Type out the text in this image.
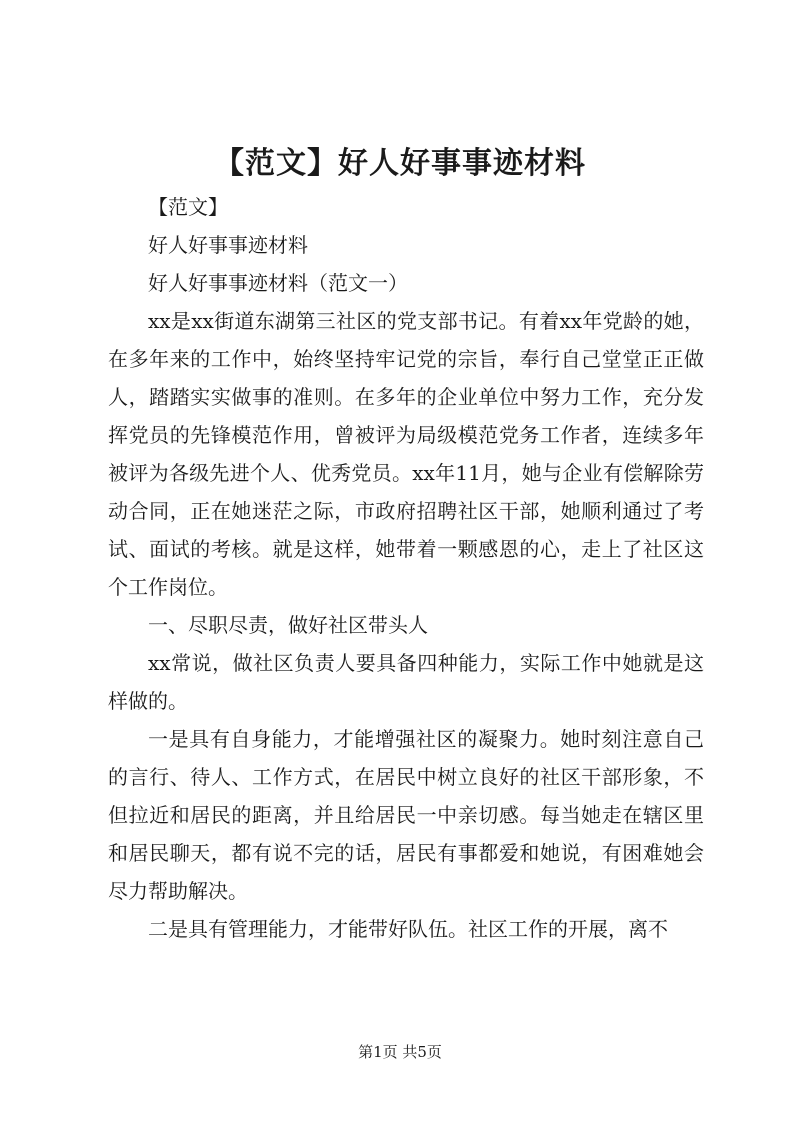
【范文】好人好事事迹材料

【范文】

好人好事事迹材料

好人好事事迹材料（范文一）

xx是xx街道东湖第三社区的党支部书记。有着xx年党龄的她，在多年来的工作中，始终坚持牢记党的宗旨，奉行自己堂堂正正做人，踏踏实实做事的准则。在多年的企业单位中努力工作，充分发挥党员的先锋模范作用，曾被评为局级模范党务工作者，连续多年被评为各级先进个人、优秀党员。xx年11月，她与企业有偿解除劳动合同，正在她迷茫之际，市政府招聘社区干部，她顺利通过了考试、面试的考核。就是这样，她带着一颗感恩的心，走上了社区这个工作岗位。

一、尽职尽责，做好社区带头人

xx常说，做社区负责人要具备四种能力，实际工作中她就是这样做的。

一是具有自身能力，才能增强社区的凝聚力。她时刻注意自己的言行、待人、工作方式，在居民中树立良好的社区干部形象，不但拉近和居民的距离，并且给居民一中亲切感。每当她走在辖区里和居民聊天，都有说不完的话，居民有事都爱和她说，有困难她会尽力帮助解决。

二是具有管理能力，才能带好队伍。社区工作的开展，离不

第1页 共5页
